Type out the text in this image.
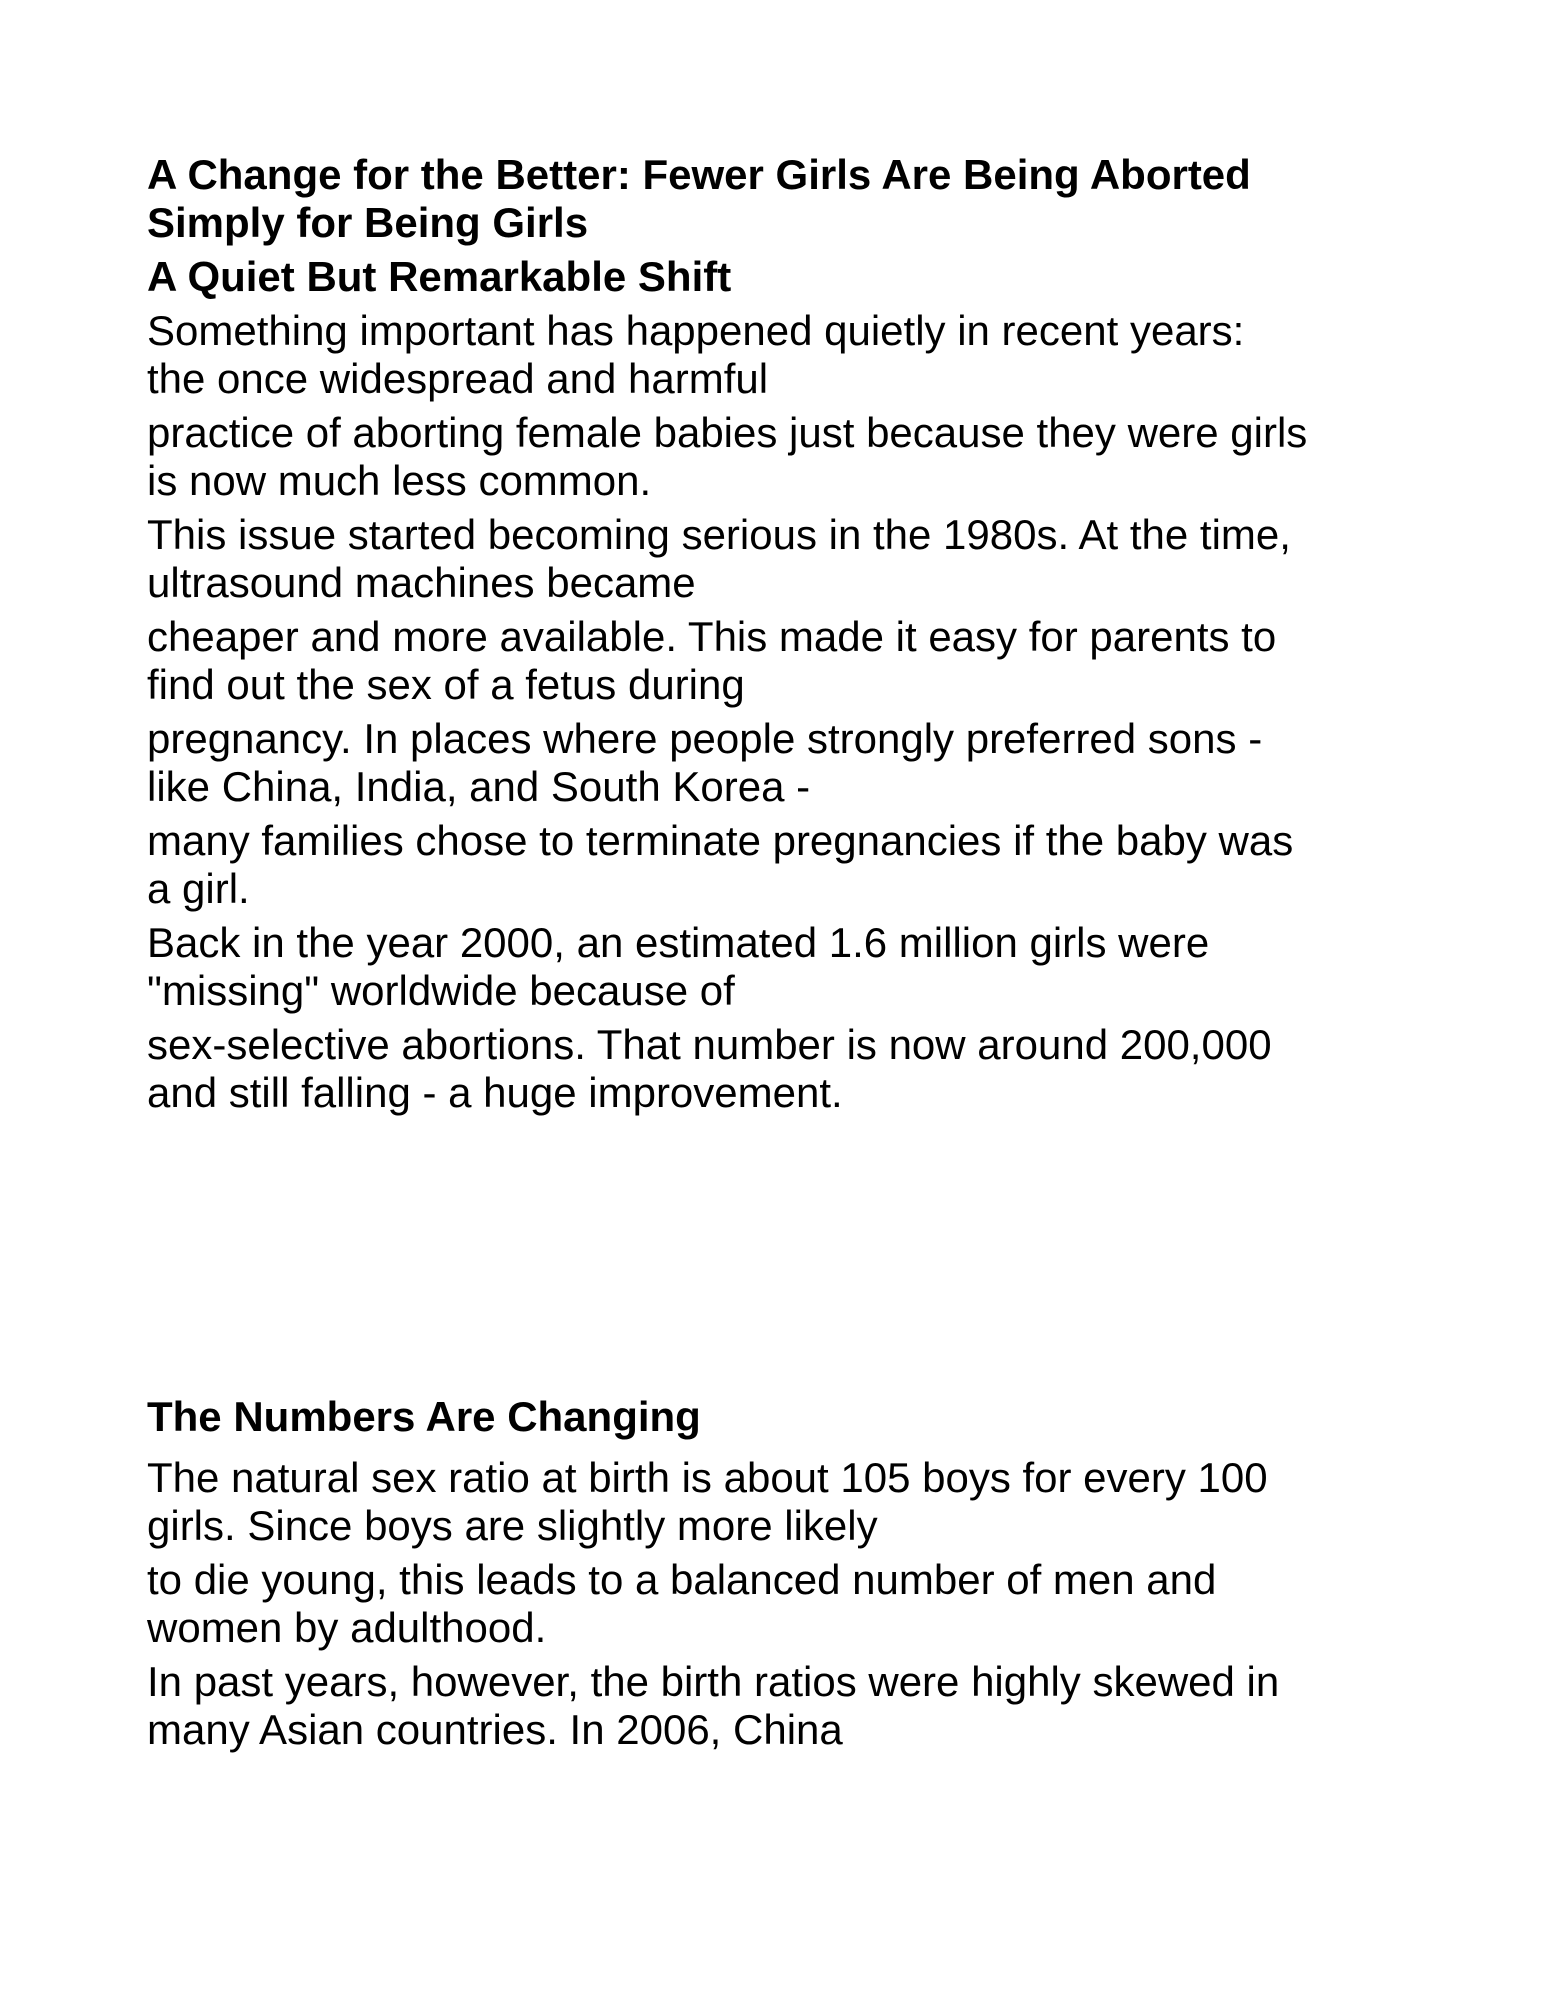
A Change for the Better: Fewer Girls Are Being Aborted
Simply for Being Girls
A Quiet But Remarkable Shift
Something important has happened quietly in recent years:
the once widespread and harmful
practice of aborting female babies just because they were girls
is now much less common.
This issue started becoming serious in the 1980s. At the time,
ultrasound machines became
cheaper and more available. This made it easy for parents to
find out the sex of a fetus during
pregnancy. In places where people strongly preferred sons -
like China, India, and South Korea -
many families chose to terminate pregnancies if the baby was
a girl.
Back in the year 2000, an estimated 1.6 million girls were
"missing" worldwide because of
sex-selective abortions. That number is now around 200,000
and still falling - a huge improvement.
The Numbers Are Changing
The natural sex ratio at birth is about 105 boys for every 100
girls. Since boys are slightly more likely
to die young, this leads to a balanced number of men and
women by adulthood.
In past years, however, the birth ratios were highly skewed in
many Asian countries. In 2006, China
